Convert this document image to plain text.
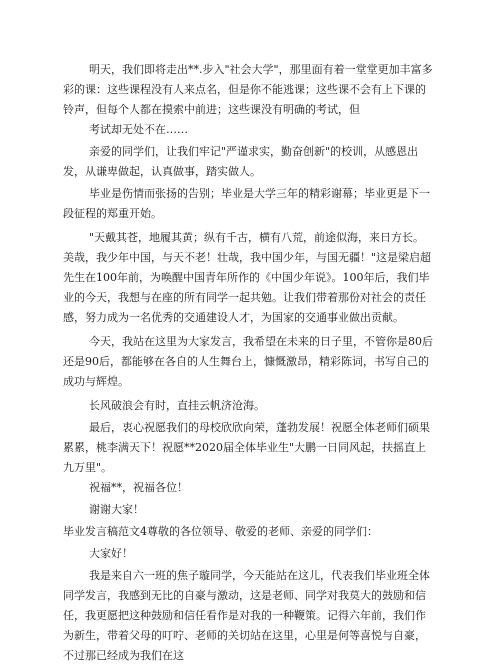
明天，我们即将走出**.步入"社会大学"，那里面有着一堂堂更加丰富多彩的课：这些课程没有人来点名，但是你不能逃课；这些课不会有上下课的铃声，但每个人都在摸索中前进；这些课没有明确的考试，但

考试却无处不在……

亲爱的同学们，让我们牢记"严谨求实，勤奋创新"的校训，从感恩出发，从谦卑做起，认真做事，踏实做人。

毕业是伤情而张扬的告别；毕业是大学三年的精彩谢幕；毕业更是下一段征程的郑重开始。

"天戴其苍，地履其黄；纵有千古，横有八荒，前途似海，来日方长。美哉，我少年中国，与天不老！壮哉，我中国少年，与国无疆！"这是梁启超先生在100年前，为唤醒中国青年所作的《中国少年说》。100年后，我们毕业的今天，我想与在座的所有同学一起共勉。让我们带着那份对社会的责任感，努力成为一名优秀的交通建设人才，为国家的交通事业做出贡献。

今天，我站在这里为大家发言，我希望在未来的日子里，不管你是80后还是90后，都能够在各自的人生舞台上，慷慨激昂，精彩陈词，书写自己的成功与辉煌。

长风破浪会有时，直挂云帆济沧海。

最后，衷心祝愿我们的母校欣欣向荣，蓬勃发展！祝愿全体老师们硕果累累，桃李满天下！祝愿**2020届全体毕业生"大鹏一日同风起，扶摇直上九万里"。

祝福**，祝福各位！

谢谢大家！

毕业发言稿范文4尊敬的各位领导、敬爱的老师、亲爱的同学们：

大家好！

我是来自六一班的焦子璇同学，今天能站在这儿，代表我们毕业班全体同学发言，我感到无比的自豪与激动，这是老师、同学对我莫大的鼓励和信任，我更愿把这种鼓励和信任看作是对我的一种鞭策。记得六年前，我们作为新生，带着父母的叮咛、老师的关切站在这里，心里是何等喜悦与自豪，不过那已经成为我们在这
